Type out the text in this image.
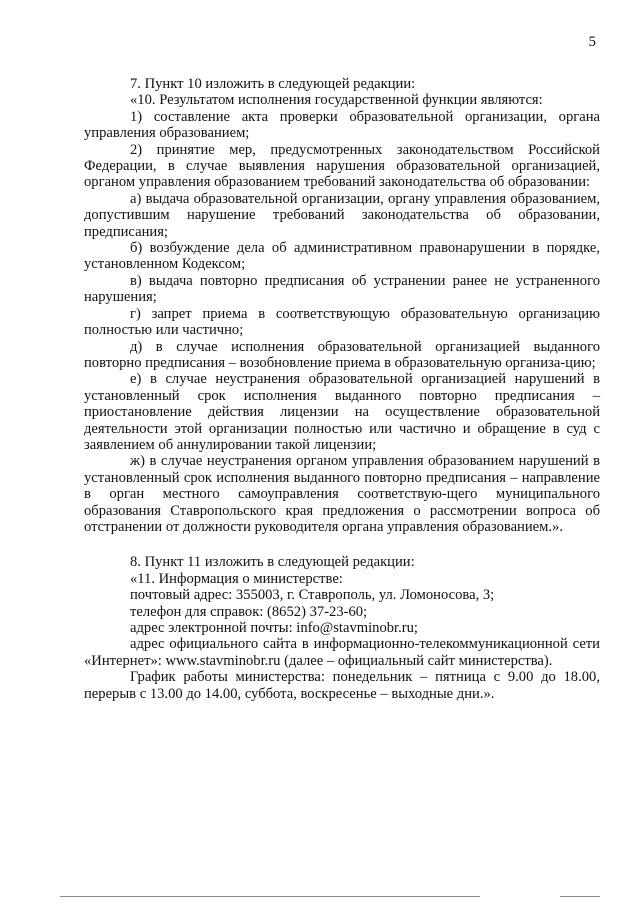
5

7. Пункт 10 изложить в следующей редакции:

«10. Результатом исполнения государственной функции являются:

1) составление акта проверки образовательной организации, органа управления образованием;

2) принятие мер, предусмотренных законодательством Российской Федерации, в случае выявления нарушения образовательной организацией, органом управления образованием требований законодательства об образовании:

а) выдача образовательной организации, органу управления образованием, допустившим нарушение требований законодательства об образовании, предписания;

б) возбуждение дела об административном правонарушении в порядке, установленном Кодексом;

в) выдача повторно предписания об устранении ранее не устраненного нарушения;

г) запрет приема в соответствующую образовательную организацию полностью или частично;

д) в случае исполнения образовательной организацией выданного повторно предписания – возобновление приема в образовательную организа-цию;

е) в случае неустранения образовательной организацией нарушений в установленный срок исполнения выданного повторно предписания – приостановление действия лицензии на осуществление образовательной деятельности этой организации полностью или частично и обращение в суд с заявлением об аннулировании такой лицензии;

ж) в случае неустранения органом управления образованием нарушений в установленный срок исполнения выданного повторно предписания – направление в орган местного самоуправления соответствую-щего муниципального образования Ставропольского края предложения о рассмотрении вопроса об отстранении от должности руководителя органа управления образованием.».

8. Пункт 11 изложить в следующей редакции:

«11. Информация о министерстве:

почтовый адрес: 355003, г. Ставрополь, ул. Ломоносова, 3;

телефон для справок: (8652) 37-23-60;

адрес электронной почты: info@stavminobr.ru;

адрес официального сайта в информационно-телекоммуникационной сети «Интернет»: www.stavminobr.ru (далее – официальный сайт министерства).

График работы министерства: понедельник – пятница с 9.00 до 18.00, перерыв с 13.00 до 14.00, суббота, воскресенье – выходные дни.».
